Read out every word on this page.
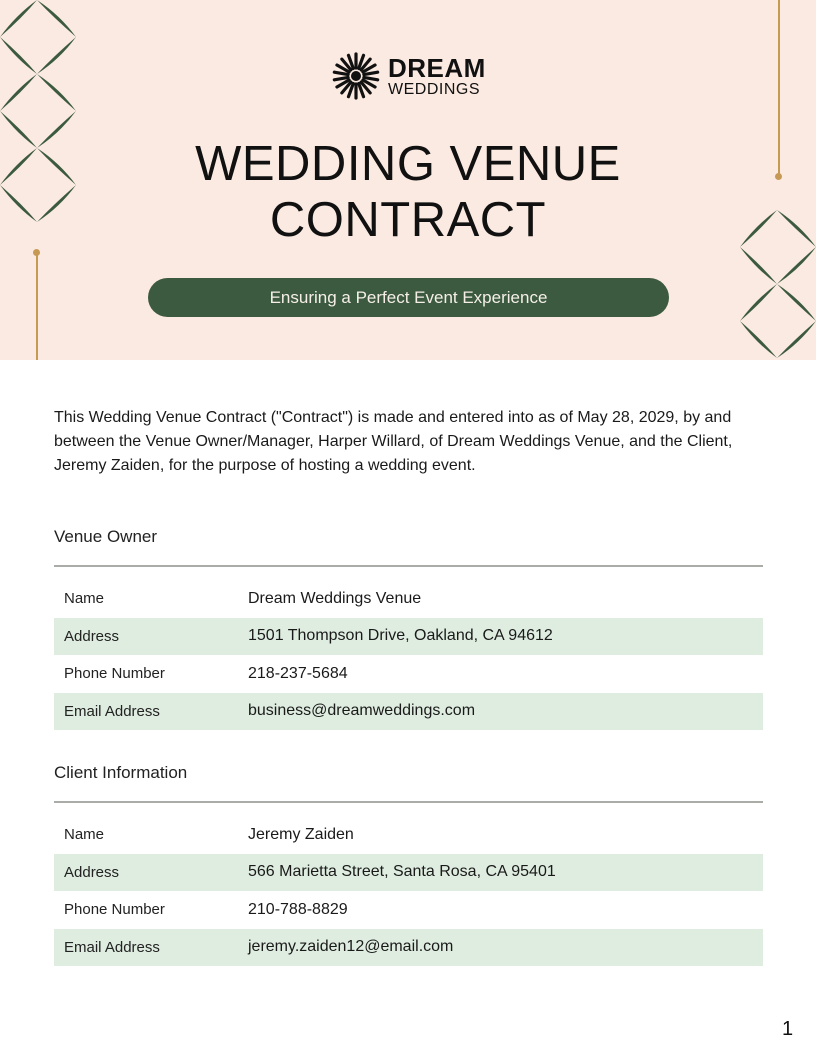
DREAM
WEDDINGS
WEDDING VENUE
CONTRACT
Ensuring a Perfect Event Experience
This Wedding Venue Contract ("Contract") is made and entered into as of May 28, 2029, by and between the Venue Owner/Manager, Harper Willard, of Dream Weddings Venue, and the Client, Jeremy Zaiden, for the purpose of hosting a wedding event.
Venue Owner
Name	Dream Weddings Venue
Address	1501 Thompson Drive, Oakland, CA 94612
Phone Number	218-237-5684
Email Address	business@dreamweddings.com
Client Information
Name	Jeremy Zaiden
Address	566 Marietta Street, Santa Rosa, CA 95401
Phone Number	210-788-8829
Email Address	jeremy.zaiden12@email.com
1
